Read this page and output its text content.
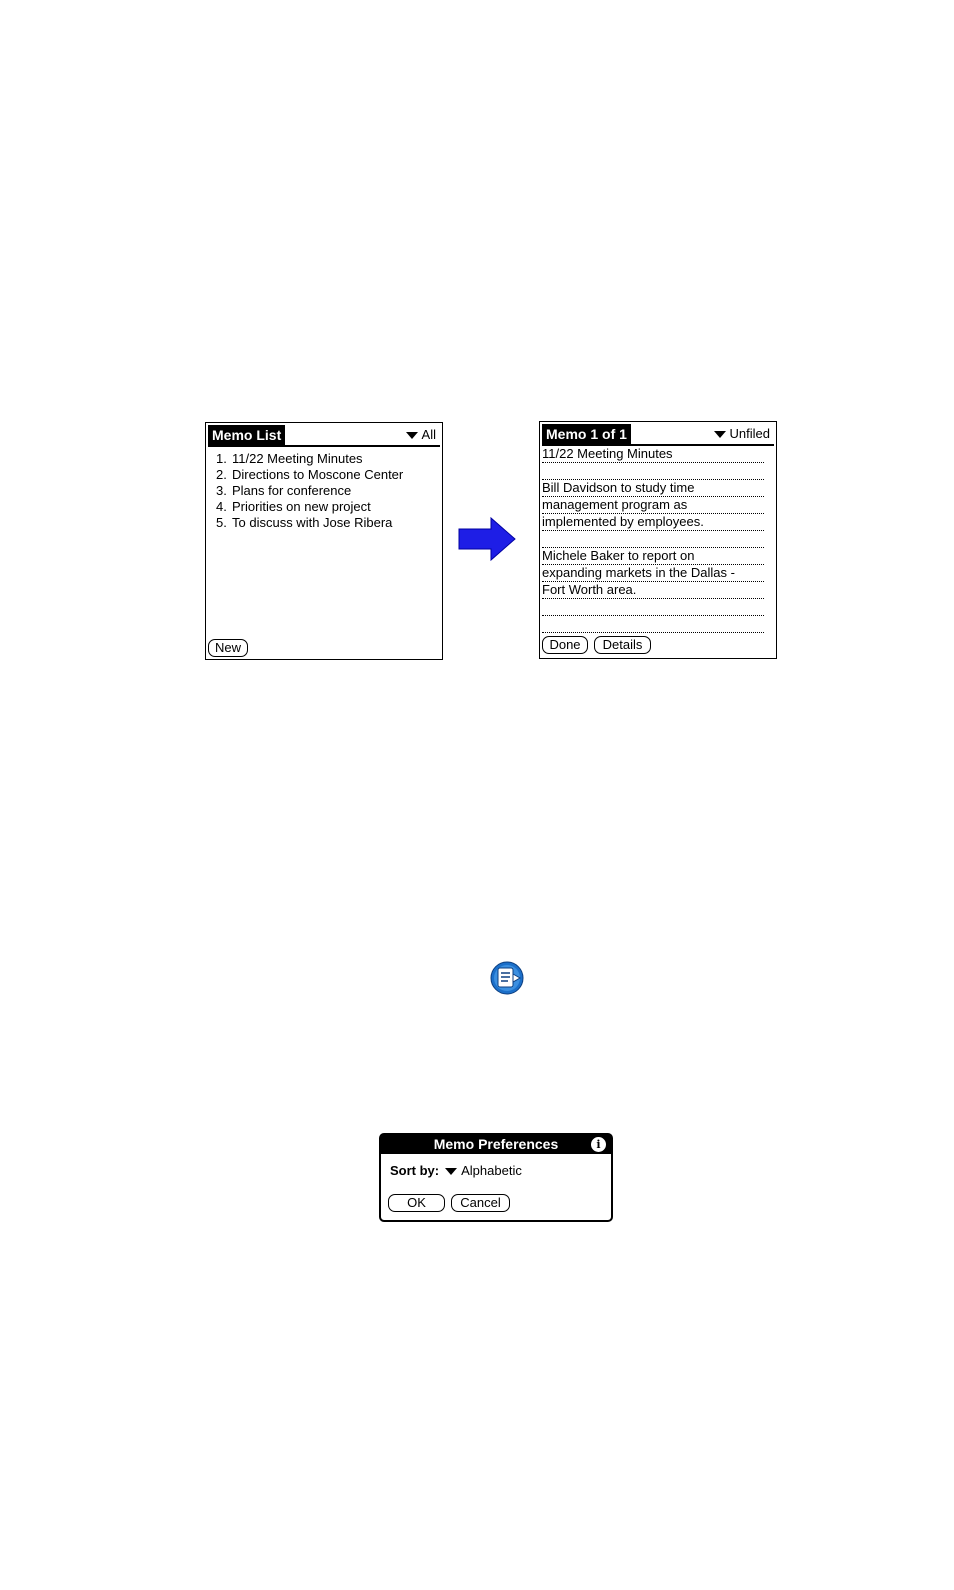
Memo List	All
1. 11/22 Meeting Minutes
2. Directions to Moscone Center
3. Plans for conference
4. Priorities on new project
5. To discuss with Jose Ribera
New
Memo 1 of 1	Unfiled
11/22 Meeting Minutes
Bill Davidson to study time
management program as
implemented by employees.
Michele Baker to report on
expanding markets in the Dallas -
Fort Worth area.
Done	Details
Memo Preferences	i
Sort by: Alphabetic
OK	Cancel
